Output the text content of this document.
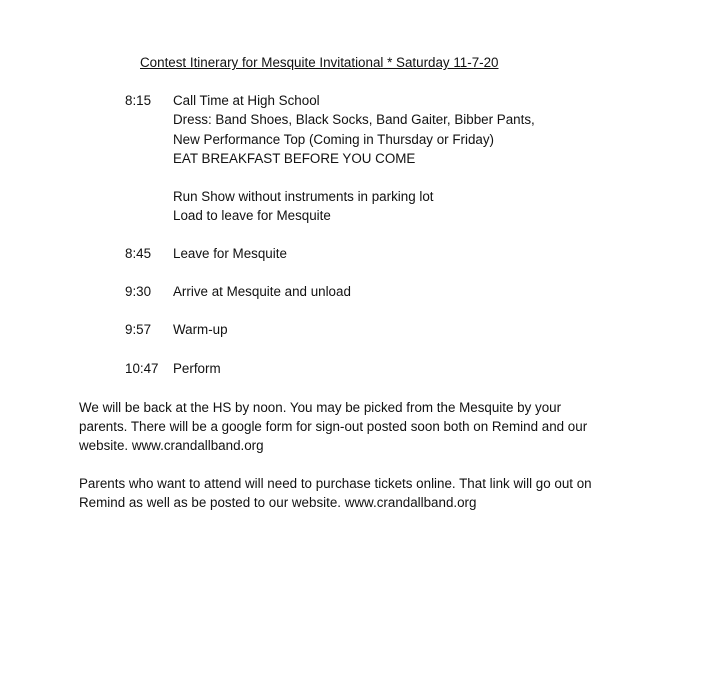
Contest Itinerary for Mesquite Invitational * Saturday 11-7-20
8:15 Call Time at High School
Dress: Band Shoes, Black Socks, Band Gaiter, Bibber Pants,
New Performance Top (Coming in Thursday or Friday)
EAT BREAKFAST BEFORE YOU COME
Run Show without instruments in parking lot
Load to leave for Mesquite
8:45 Leave for Mesquite
9:30 Arrive at Mesquite and unload
9:57 Warm-up
10:47 Perform
We will be back at the HS by noon. You may be picked from the Mesquite by your
parents. There will be a google form for sign-out posted soon both on Remind and our
website. www.crandallband.org
Parents who want to attend will need to purchase tickets online. That link will go out on
Remind as well as be posted to our website. www.crandallband.org
